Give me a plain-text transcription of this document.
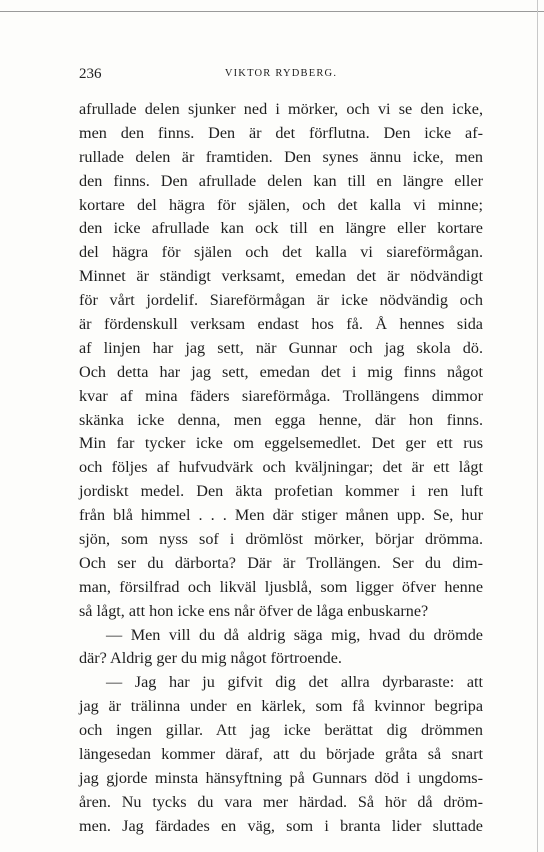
236	VIKTOR RYDBERG.
afrullade delen sjunker ned i mörker, och vi se den icke,
men den finns. Den är det förflutna. Den icke af-
rullade delen är framtiden. Den synes ännu icke, men
den finns. Den afrullade delen kan till en längre eller
kortare del hägra för själen, och det kalla vi minne;
den icke afrullade kan ock till en längre eller kortare
del hägra för själen och det kalla vi siareförmågan.
Minnet är ständigt verksamt, emedan det är nödvändigt
för vårt jordelif. Siareförmågan är icke nödvändig och
är fördenskull verksam endast hos få. Å hennes sida
af linjen har jag sett, när Gunnar och jag skola dö.
Och detta har jag sett, emedan det i mig finns något
kvar af mina fäders siareförmåga. Trollängens dimmor
skänka icke denna, men egga henne, där hon finns.
Min far tycker icke om eggelsemedlet. Det ger ett rus
och följes af hufvudvärk och kväljningar; det är ett lågt
jordiskt medel. Den äkta profetian kommer i ren luft
från blå himmel . . . Men där stiger månen upp. Se, hur
sjön, som nyss sof i drömlöst mörker, börjar drömma.
Och ser du därborta? Där är Trollängen. Ser du dim-
man, försilfrad och likväl ljusblå, som ligger öfver henne
så lågt, att hon icke ens når öfver de låga enbuskarne?
— Men vill du då aldrig säga mig, hvad du drömde
där? Aldrig ger du mig något förtroende.
— Jag har ju gifvit dig det allra dyrbaraste: att
jag är trälinna under en kärlek, som få kvinnor begripa
och ingen gillar. Att jag icke berättat dig drömmen
längesedan kommer däraf, att du började gråta så snart
jag gjorde minsta hänsyftning på Gunnars död i ungdoms-
åren. Nu tycks du vara mer härdad. Så hör då dröm-
men. Jag färdades en väg, som i branta lider sluttade
